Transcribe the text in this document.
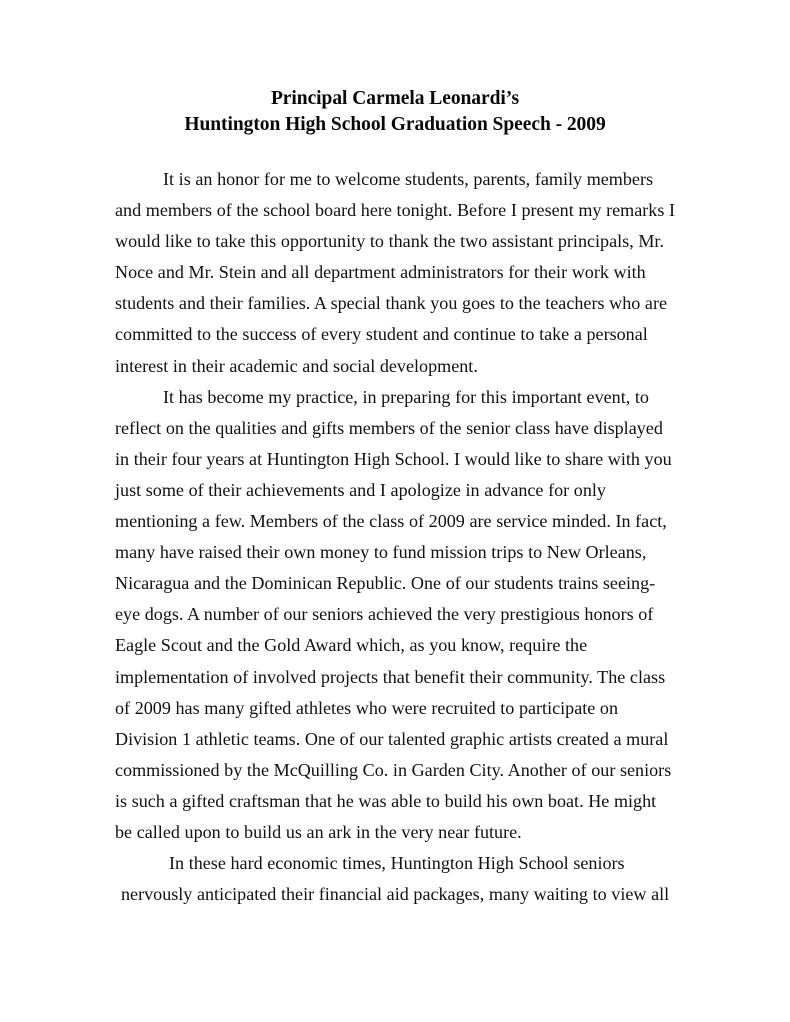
Principal Carmela Leonardi’s
Huntington High School Graduation Speech - 2009

It is an honor for me to welcome students, parents, family members and members of the school board here tonight. Before I present my remarks I would like to take this opportunity to thank the two assistant principals, Mr. Noce and Mr. Stein and all department administrators for their work with students and their families. A special thank you goes to the teachers who are committed to the success of every student and continue to take a personal interest in their academic and social development.

It has become my practice, in preparing for this important event, to reflect on the qualities and gifts members of the senior class have displayed in their four years at Huntington High School. I would like to share with you just some of their achievements and I apologize in advance for only mentioning a few. Members of the class of 2009 are service minded. In fact, many have raised their own money to fund mission trips to New Orleans, Nicaragua and the Dominican Republic. One of our students trains seeing-eye dogs. A number of our seniors achieved the very prestigious honors of Eagle Scout and the Gold Award which, as you know, require the implementation of involved projects that benefit their community. The class of 2009 has many gifted athletes who were recruited to participate on Division 1 athletic teams. One of our talented graphic artists created a mural commissioned by the McQuilling Co. in Garden City. Another of our seniors is such a gifted craftsman that he was able to build his own boat. He might be called upon to build us an ark in the very near future.

In these hard economic times, Huntington High School seniors nervously anticipated their financial aid packages, many waiting to view all
